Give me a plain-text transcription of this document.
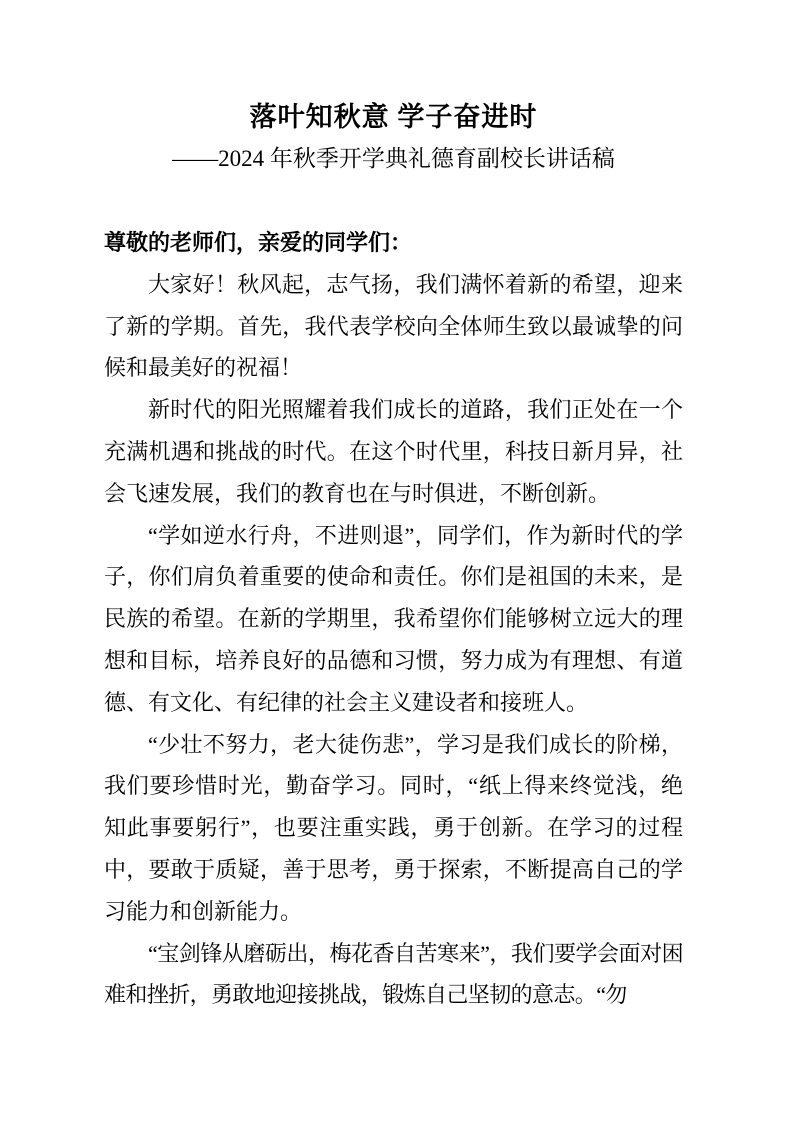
落叶知秋意 学子奋进时
——2024 年秋季开学典礼德育副校长讲话稿

尊敬的老师们，亲爱的同学们：

大家好！秋风起，志气扬，我们满怀着新的希望，迎来了新的学期。首先，我代表学校向全体师生致以最诚挚的问候和最美好的祝福！

新时代的阳光照耀着我们成长的道路，我们正处在一个充满机遇和挑战的时代。在这个时代里，科技日新月异，社会飞速发展，我们的教育也在与时俱进，不断创新。

“学如逆水行舟，不进则退”，同学们，作为新时代的学子，你们肩负着重要的使命和责任。你们是祖国的未来，是民族的希望。在新的学期里，我希望你们能够树立远大的理想和目标，培养良好的品德和习惯，努力成为有理想、有道德、有文化、有纪律的社会主义建设者和接班人。

“少壮不努力，老大徒伤悲”，学习是我们成长的阶梯，我们要珍惜时光，勤奋学习。同时，“纸上得来终觉浅，绝知此事要躬行”，也要注重实践，勇于创新。在学习的过程中，要敢于质疑，善于思考，勇于探索，不断提高自己的学习能力和创新能力。

“宝剑锋从磨砺出，梅花香自苦寒来”，我们要学会面对困难和挫折，勇敢地迎接挑战，锻炼自己坚韧的意志。“勿
